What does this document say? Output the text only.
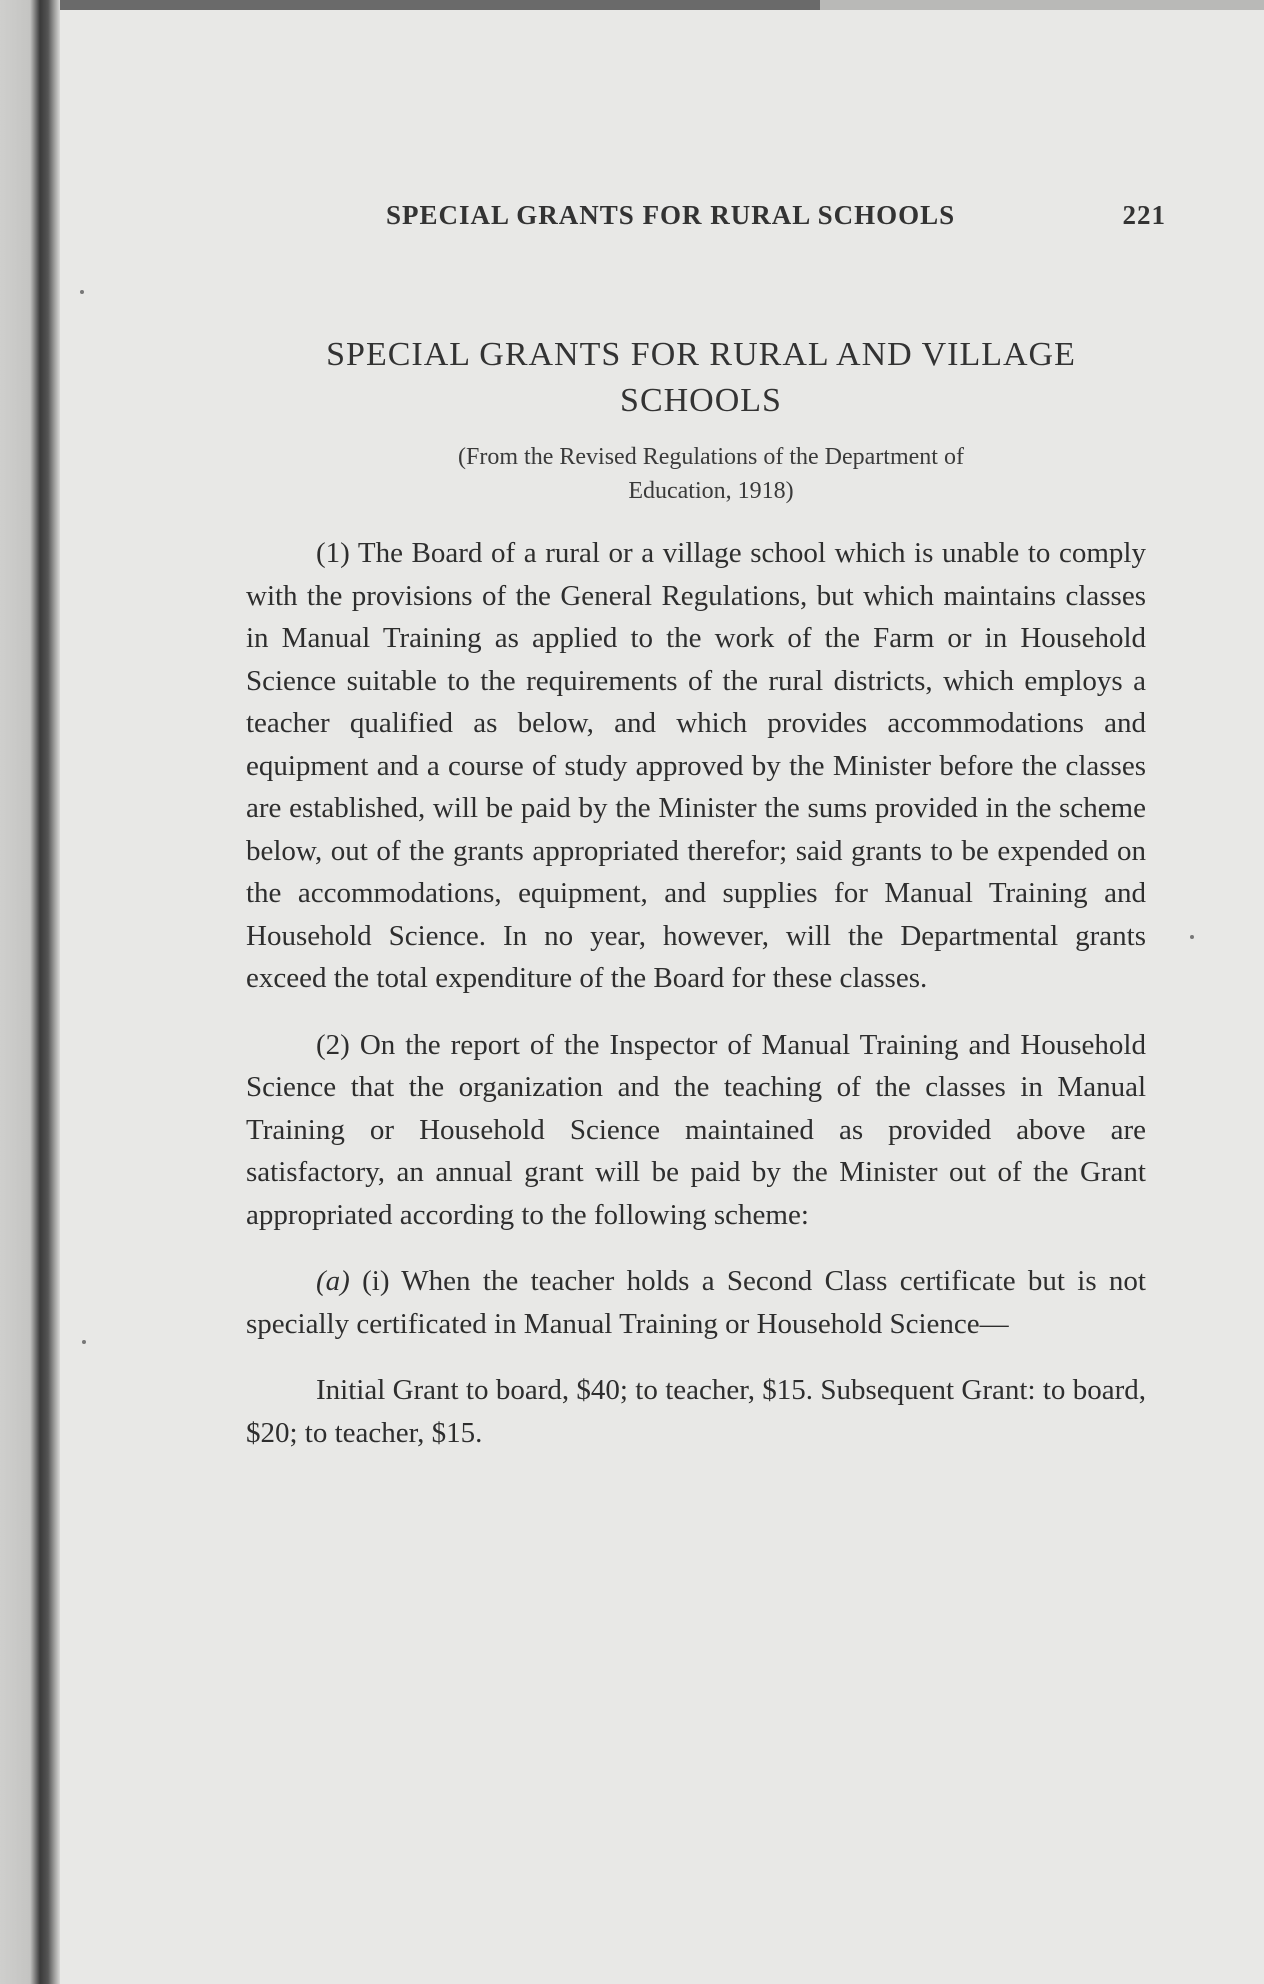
SPECIAL GRANTS FOR RURAL SCHOOLS	221
SPECIAL GRANTS FOR RURAL AND VILLAGE
SCHOOLS
(From the Revised Regulations of the Department of
Education, 1918)

(1) The Board of a rural or a village school which is unable to comply with the provisions of the General Regulations, but which maintains classes in Manual Training as applied to the work of the Farm or in Household Science suitable to the requirements of the rural districts, which employs a teacher qualified as below, and which provides accommodations and equipment and a course of study approved by the Minister before the classes are established, will be paid by the Minister the sums provided in the scheme below, out of the grants appropriated therefor; said grants to be expended on the accommodations, equipment, and supplies for Manual Training and Household Science. In no year, however, will the Departmental grants exceed the total expenditure of the Board for these classes.

(2) On the report of the Inspector of Manual Training and Household Science that the organization and the teaching of the classes in Manual Training or Household Science maintained as provided above are satisfactory, an annual grant will be paid by the Minister out of the Grant appropriated according to the following scheme:

(a) (i) When the teacher holds a Second Class certificate but is not specially certificated in Manual Training or Household Science—

Initial Grant to board, $40; to teacher, $15. Subsequent Grant: to board, $20; to teacher, $15.
